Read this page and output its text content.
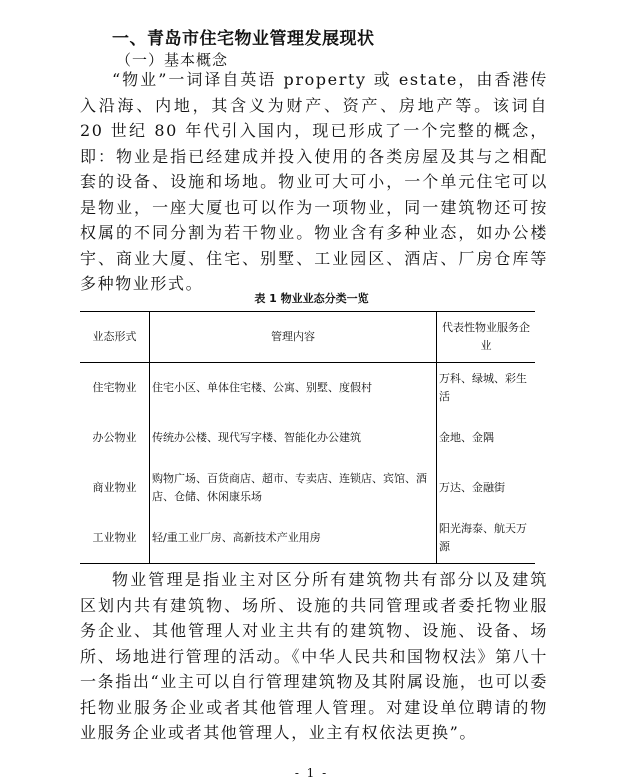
一、青岛市住宅物业管理发展现状
（一）基本概念

“物业”一词译自英语 property 或 estate，由香港传入沿海、内地，其含义为财产、资产、房地产等。该词自 20 世纪 80 年代引入国内，现已形成了一个完整的概念，即：物业是指已经建成并投入使用的各类房屋及其与之相配套的设备、设施和场地。物业可大可小，一个单元住宅可以是物业，一座大厦也可以作为一项物业，同一建筑物还可按权属的不同分割为若干物业。物业含有多种业态，如办公楼宇、商业大厦、住宅、别墅、工业园区、酒店、厂房仓库等多种物业形式。

表 1 物业业态分类一览
业态形式	管理内容	代表性物业服务企业
住宅物业	住宅小区、单体住宅楼、公寓、别墅、度假村	万科、绿城、彩生活
办公物业	传统办公楼、现代写字楼、智能化办公建筑	金地、金隅
商业物业	购物广场、百货商店、超市、专卖店、连锁店、宾馆、酒店、仓储、休闲康乐场	万达、金融街
工业物业	轻/重工业厂房、高新技术产业用房	阳光海泰、航天万源

物业管理是指业主对区分所有建筑物共有部分以及建筑区划内共有建筑物、场所、设施的共同管理或者委托物业服务企业、其他管理人对业主共有的建筑物、设施、设备、场所、场地进行管理的活动。《中华人民共和国物权法》第八十一条指出“业主可以自行管理建筑物及其附属设施，也可以委托物业服务企业或者其他管理人管理。对建设单位聘请的物业服务企业或者其他管理人，业主有权依法更换”。

- 1 -
